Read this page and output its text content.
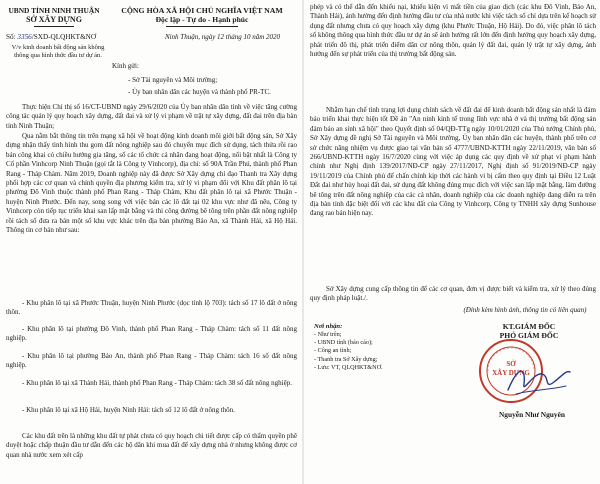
UBND TỈNH NINH THUẬN
SỞ XÂY DỰNG
CỘNG HÒA XÃ HỘI CHỦ NGHĨA VIỆT NAM
Độc lập - Tự do - Hạnh phúc
Số: 3356/SXD-QLQHKT&NƠ	Ninh Thuận, ngày 12 tháng 10 năm 2020
V/v kinh doanh bất động sản không thông qua hình thức đầu tư dự án.
Kính gửi:
- Sở Tài nguyên và Môi trường;
- Ủy ban nhân dân các huyện và thành phố PR-TC.
Thực hiện Chỉ thị số 16/CT-UBND ngày 29/6/2020 của Ủy ban nhân dân tỉnh về việc tăng cường công tác quản lý quy hoạch xây dựng, đất đai và xử lý vi phạm về trật tự xây dựng, đất đai trên địa bàn tỉnh Ninh Thuận;
Qua nắm bắt thông tin trên mạng xã hội về hoạt động kinh doanh môi giới bất động sản, Sở Xây dựng nhận thấy tình hình thu gom đất nông nghiệp sau đó chuyển mục đích sử dụng, tách thửa rồi rao bán công khai có chiều hướng gia tăng, số các tổ chức cá nhân đang hoạt động, nổi bật nhất là Công ty Cổ phần Vinhcorp Ninh Thuận (gọi tắt là Công ty Vinhcorp), địa chỉ: số 90A Trần Phú, thành phố Phan Rang - Tháp Chàm. Năm 2019, Doanh nghiệp này đã được Sở Xây dựng chỉ đạo Thanh tra Xây dựng phối hợp các cơ quan và chính quyền địa phương kiểm tra, xử lý vi phạm đối với Khu đất phân lô tại phường Đô Vinh thuộc thành phố Phan Rang - Tháp Chàm, Khu đất phân lô tại xã Phước Thuận - huyện Ninh Phước. Đến nay, song song với việc bán các lô đất tại 02 khu vực như đã nêu, Công ty Vinhcorp còn tiếp tục triển khai san lấp mặt bằng và thi công đường bê tông trên phần đất nông nghiệp rồi tách số đưa ra bán một số khu vực khác trên địa bàn phường Bảo An, xã Thành Hải, xã Hộ Hải. Thông tin cơ bản như sau:
- Khu phân lô tại xã Phước Thuận, huyện Ninh Phước (dọc tỉnh lộ 703): tách số 17 lô đất ở nông thôn.
- Khu phân lô tại phường Đô Vinh, thành phố Phan Rang - Tháp Chàm: tách số 11 đất nông nghiệp.
- Khu phân lô tại phường Bảo An, thành phố Phan Rang - Tháp Chàm: tách 16 số đất nông nghiệp.
- Khu phân lô tại xã Thành Hải, thành phố Phan Rang - Tháp Chàm: tách 38 số đất nông nghiệp.
- Khu phân lô tại xã Hộ Hải, huyện Ninh Hải: tách số 12 lô đất ở nông thôn.
Các khu đất trên là những khu đất tự phát chưa có quy hoạch chi tiết được cấp có thẩm quyền phê duyệt hoặc chấp thuận đầu tư dẫn đến các hộ dân khi mua đất để xây dựng nhà ở nhưng không được cơ quan nhà nước xem xét cấp
phép và có thể dẫn đến khiếu nại, khiếu kiện vì mất tiền của giao dịch (các khu Đô Vinh, Bảo An, Thành Hải), ảnh hưởng đến định hướng đầu tư của nhà nước khi việc tách số chỉ dựa trên kế hoạch sử dụng đất nhưng chưa có quy hoạch xây dựng (khu Phước Thuận, Hộ Hải). Do đó, việc phân lô tách số không thông qua hình thức đầu tư dự án sẽ ảnh hưởng rất lớn đến định hướng quy hoạch xây dựng, phát triển đô thị, phát triển điểm dân cư nông thôn, quản lý đất đai, quản lý trật tự xây dựng, ảnh hưởng đến sự phát triển của thị trường bất động sản.
Nhằm hạn chế tình trạng lợi dụng chính sách về đất đai để kinh doanh bất động sản nhất là đảm bảo triển khai thực hiện tốt Đề án "An ninh kinh tế trong lĩnh vực nhà ở và thị trường bất động sản đảm bảo an sinh xã hội" theo Quyết định số 04/QĐ-TTg ngày 10/01/2020 của Thủ tướng Chính phủ, Sở Xây dựng đề nghị Sở Tài nguyên và Môi trường, Ủy ban nhân dân các huyện, thành phố trên cơ sở chức năng nhiệm vụ được giao tại văn bản số 4777/UBND-KTTH ngày 22/11/2019, văn bản số 266/UBND-KTTH ngày 16/7/2020 cùng với việc áp dụng các quy định về xử phạt vi phạm hành chính như Nghị định 139/2017/NĐ-CP ngày 27/11/2017, Nghị định số 91/2019/NĐ-CP ngày 19/11/2019 của Chính phủ để chấn chỉnh kịp thời các hành vi bị cấm theo quy định tại Điều 12 Luật Đất đai như hủy hoại đất đai, sử dụng đất không đúng mục đích với việc san lấp mặt bằng, làm đường bê tông trên đất nông nghiệp của các cá nhân, doanh nghiệp của các doanh nghiệp đang diễn ra trên địa bàn tỉnh đặc biệt đối với các khu đất của Công ty Vinhcorp, Công ty TNHH xây dựng Sunhouse đang rao bán hiện nay.
Sở Xây dựng cung cấp thông tin để các cơ quan, đơn vị được biết và kiểm tra, xử lý theo đúng quy định pháp luật./.
(Đính kèm hình ảnh, thông tin có liên quan)
Nơi nhận:
- Như trên;
- UBND tỉnh (báo cáo);
- Công an tỉnh;
- Thanh tra Sở Xây dựng;
- Lưu: VT, QLQHKT&NƠ.
KT.GIÁM ĐỐC
PHÓ GIÁM ĐỐC
SỞ
XÂY DỰNG
Nguyễn Như Nguyên
